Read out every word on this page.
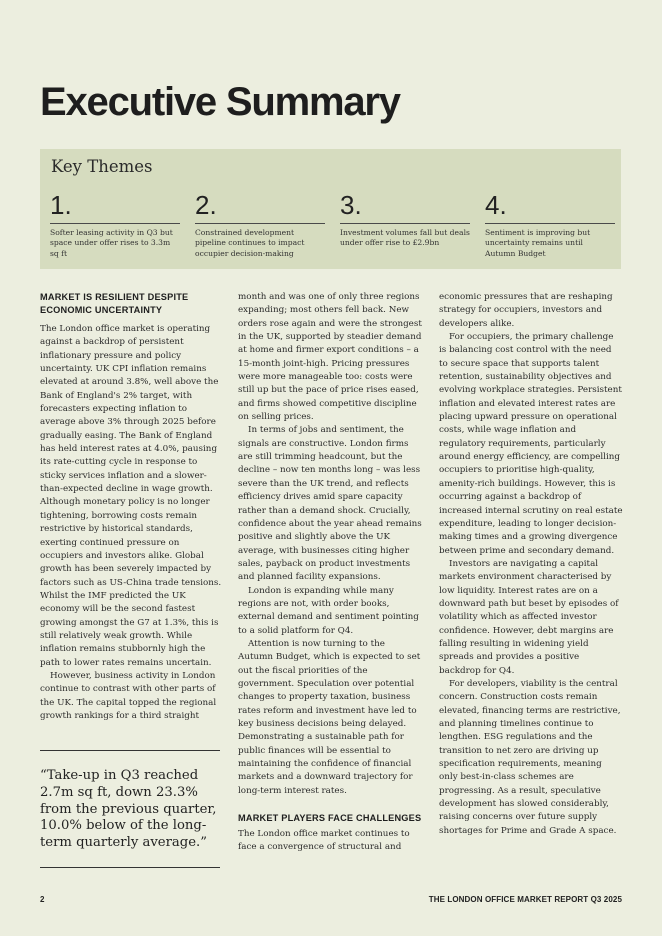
Executive Summary
Key Themes
1.
Softer leasing activity in Q3 but space under offer rises to 3.3m sq ft
2.
Constrained development pipeline continues to impact occupier decision-making
3.
Investment volumes fall but deals under offer rise to £2.9bn
4.
Sentiment is improving but uncertainty remains until Autumn Budget
MARKET IS RESILIENT DESPITE ECONOMIC UNCERTAINTY

The London office market is operating against a backdrop of persistent inflationary pressure and policy uncertainty. UK CPI inflation remains elevated at around 3.8%, well above the Bank of England's 2% target, with forecasters expecting inflation to average above 3% through 2025 before gradually easing. The Bank of England has held interest rates at 4.0%, pausing its rate-cutting cycle in response to sticky services inflation and a slower-than-expected decline in wage growth. Although monetary policy is no longer tightening, borrowing costs remain restrictive by historical standards, exerting continued pressure on occupiers and investors alike. Global growth has been severely impacted by factors such as US-China trade tensions. Whilst the IMF predicted the UK economy will be the second fastest growing amongst the G7 at 1.3%, this is still relatively weak growth. While inflation remains stubbornly high the path to lower rates remains uncertain.

However, business activity in London continue to contrast with other parts of the UK. The capital topped the regional growth rankings for a third straight

“Take-up in Q3 reached 2.7m sq ft, down 23.3% from the previous quarter, 10.0% below of the long-term quarterly average.”

month and was one of only three regions expanding; most others fell back. New orders rose again and were the strongest in the UK, supported by steadier demand at home and firmer export conditions – a 15-month joint-high. Pricing pressures were more manageable too: costs were still up but the pace of price rises eased, and firms showed competitive discipline on selling prices.

In terms of jobs and sentiment, the signals are constructive. London firms are still trimming headcount, but the decline – now ten months long – was less severe than the UK trend, and reflects efficiency drives amid spare capacity rather than a demand shock. Crucially, confidence about the year ahead remains positive and slightly above the UK average, with businesses citing higher sales, payback on product investments and planned facility expansions.

London is expanding while many regions are not, with order books, external demand and sentiment pointing to a solid platform for Q4.

Attention is now turning to the Autumn Budget, which is expected to set out the fiscal priorities of the government. Speculation over potential changes to property taxation, business rates reform and investment have led to key business decisions being delayed. Demonstrating a sustainable path for public finances will be essential to maintaining the confidence of financial markets and a downward trajectory for long-term interest rates.

MARKET PLAYERS FACE CHALLENGES

The London office market continues to face a convergence of structural and

economic pressures that are reshaping strategy for occupiers, investors and developers alike.

For occupiers, the primary challenge is balancing cost control with the need to secure space that supports talent retention, sustainability objectives and evolving workplace strategies. Persistent inflation and elevated interest rates are placing upward pressure on operational costs, while wage inflation and regulatory requirements, particularly around energy efficiency, are compelling occupiers to prioritise high-quality, amenity-rich buildings. However, this is occurring against a backdrop of increased internal scrutiny on real estate expenditure, leading to longer decision-making times and a growing divergence between prime and secondary demand.

Investors are navigating a capital markets environment characterised by low liquidity. Interest rates are on a downward path but beset by episodes of volatility which as affected investor confidence. However, debt margins are falling resulting in widening yield spreads and provides a positive backdrop for Q4.

For developers, viability is the central concern. Construction costs remain elevated, financing terms are restrictive, and planning timelines continue to lengthen. ESG regulations and the transition to net zero are driving up specification requirements, meaning only best-in-class schemes are progressing. As a result, speculative development has slowed considerably, raising concerns over future supply shortages for Prime and Grade A space.

2	THE LONDON OFFICE MARKET REPORT Q3 2025
